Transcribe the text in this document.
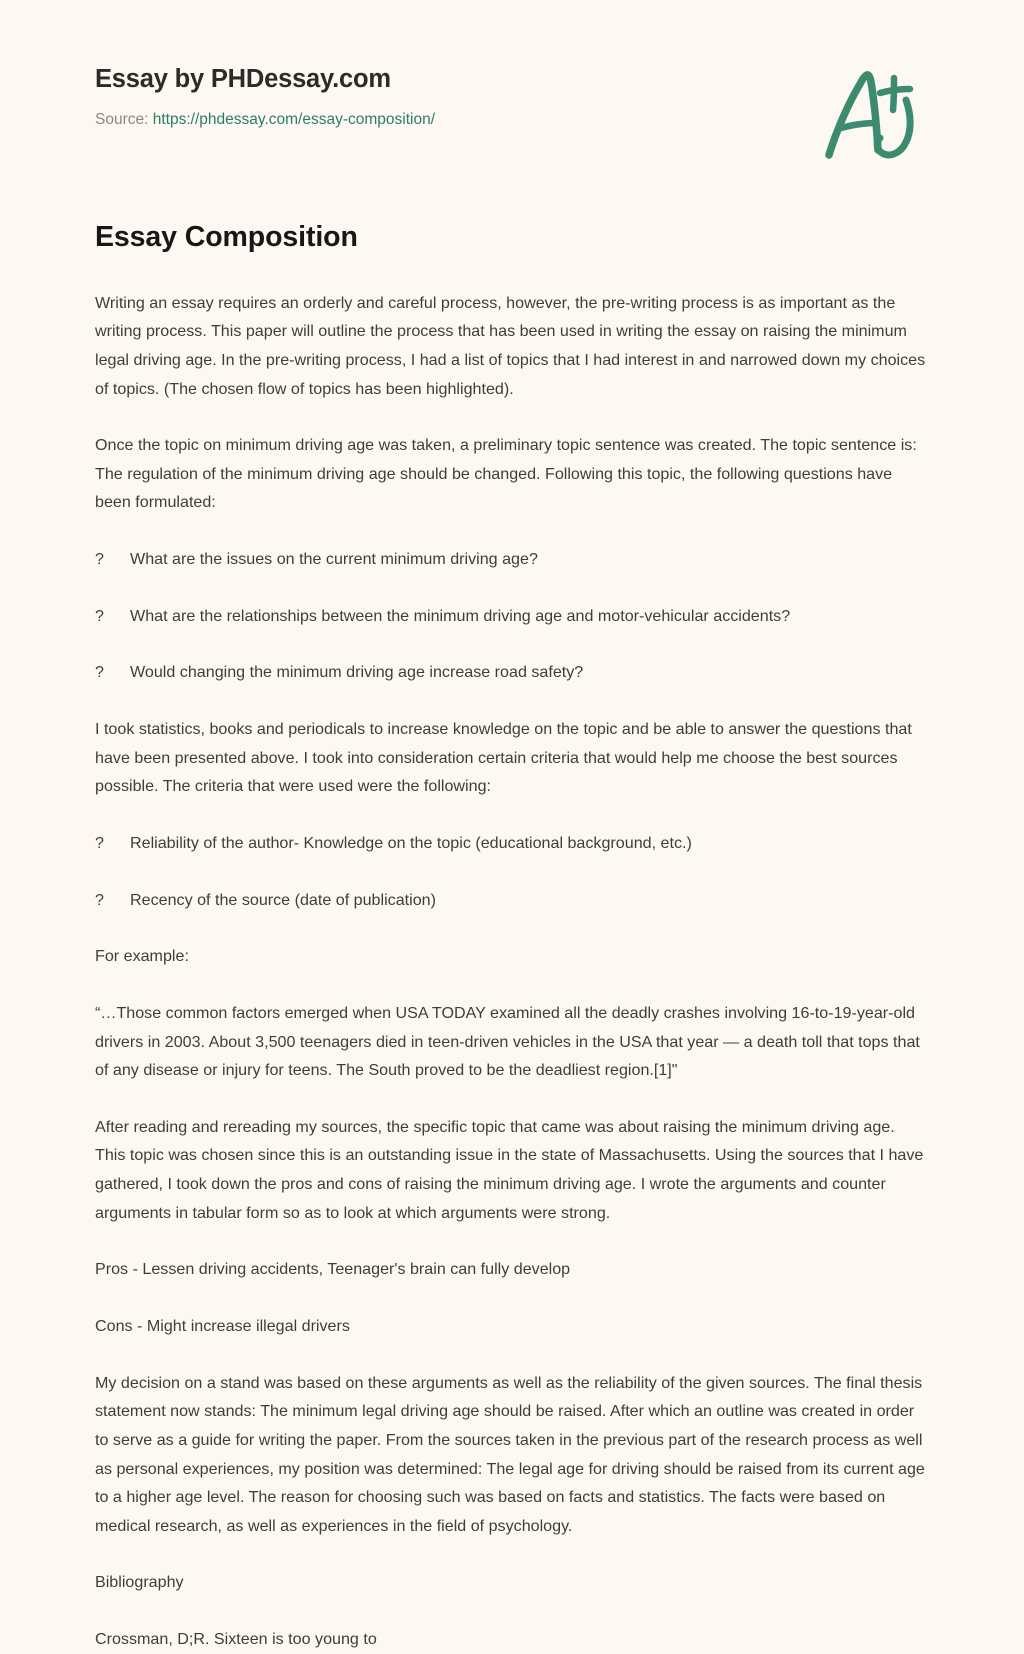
Essay by PHDessay.com
Source: https://phdessay.com/essay-composition/
Essay Composition

Writing an essay requires an orderly and careful process, however, the pre-writing process is as important as the writing process. This paper will outline the process that has been used in writing the essay on raising the minimum legal driving age. In the pre-writing process, I had a list of topics that I had interest in and narrowed down my choices of topics. (The chosen flow of topics has been highlighted).

Once the topic on minimum driving age was taken, a preliminary topic sentence was created. The topic sentence is: The regulation of the minimum driving age should be changed. Following this topic, the following questions have been formulated:

?	What are the issues on the current minimum driving age?
?	What are the relationships between the minimum driving age and motor-vehicular accidents?
?	Would changing the minimum driving age increase road safety?

I took statistics, books and periodicals to increase knowledge on the topic and be able to answer the questions that have been presented above. I took into consideration certain criteria that would help me choose the best sources possible. The criteria that were used were the following:

?	Reliability of the author- Knowledge on the topic (educational background, etc.)
?	Recency of the source (date of publication)

For example:

“…Those common factors emerged when USA TODAY examined all the deadly crashes involving 16-to-19-year-old drivers in 2003. About 3,500 teenagers died in teen-driven vehicles in the USA that year — a death toll that tops that of any disease or injury for teens. The South proved to be the deadliest region.[1]"

After reading and rereading my sources, the specific topic that came was about raising the minimum driving age. This topic was chosen since this is an outstanding issue in the state of Massachusetts. Using the sources that I have gathered, I took down the pros and cons of raising the minimum driving age. I wrote the arguments and counter arguments in tabular form so as to look at which arguments were strong.

Pros - Lessen driving accidents, Teenager's brain can fully develop

Cons - Might increase illegal drivers

My decision on a stand was based on these arguments as well as the reliability of the given sources. The final thesis statement now stands: The minimum legal driving age should be raised. After which an outline was created in order to serve as a guide for writing the paper. From the sources taken in the previous part of the research process as well as personal experiences, my position was determined: The legal age for driving should be raised from its current age to a higher age level. The reason for choosing such was based on facts and statistics. The facts were based on medical research, as well as experiences in the field of psychology.

Bibliography

Crossman, D;R. Sixteen is too young to
